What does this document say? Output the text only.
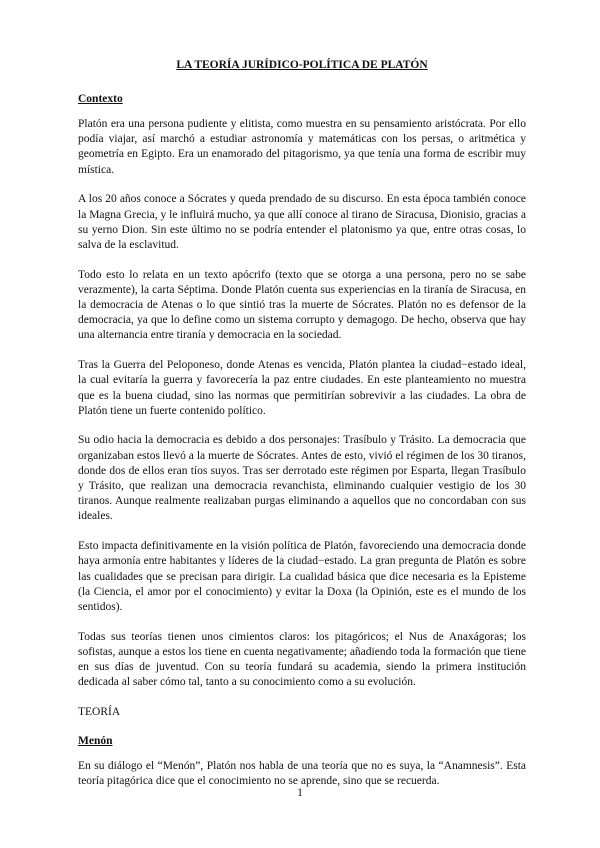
LA TEORÍA JURÍDICO-POLÍTICA DE PLATÓN
Contexto

Platón era una persona pudiente y elitista, como muestra en su pensamiento aristócrata. Por ello podía viajar, así marchó a estudiar astronomía y matemáticas con los persas, o aritmética y geometría en Egipto. Era un enamorado del pitagorismo, ya que tenía una forma de escribir muy mística.

A los 20 años conoce a Sócrates y queda prendado de su discurso. En esta época también conoce la Magna Grecia, y le influirá mucho, ya que allí conoce al tirano de Siracusa, Dionisio, gracias a su yerno Dion. Sin este último no se podría entender el platonismo ya que, entre otras cosas, lo salva de la esclavitud.

Todo esto lo relata en un texto apócrifo (texto que se otorga a una persona, pero no se sabe verazmente), la carta Séptima. Donde Platón cuenta sus experiencias en la tiranía de Siracusa, en la democracia de Atenas o lo que sintió tras la muerte de Sócrates. Platón no es defensor de la democracia, ya que lo define como un sistema corrupto y demagogo. De hecho, observa que hay una alternancia entre tiranía y democracia en la sociedad.

Tras la Guerra del Peloponeso, donde Atenas es vencida, Platón plantea la ciudad−estado ideal, la cual evitaría la guerra y favorecería la paz entre ciudades. En este planteamiento no muestra que es la buena ciudad, sino las normas que permitirían sobrevivir a las ciudades. La obra de Platón tiene un fuerte contenido político.

Su odio hacia la democracia es debido a dos personajes: Trasíbulo y Trásito. La democracia que organizaban estos llevó a la muerte de Sócrates. Antes de esto, vivió el régimen de los 30 tiranos, donde dos de ellos eran tíos suyos. Tras ser derrotado este régimen por Esparta, llegan Trasíbulo y Trásito, que realizan una democracia revanchista, eliminando cualquier vestigio de los 30 tiranos. Aunque realmente realizaban purgas eliminando a aquellos que no concordaban con sus ideales.

Esto impacta definitivamente en la visión política de Platón, favoreciendo una democracia donde haya armonía entre habitantes y líderes de la ciudad−estado. La gran pregunta de Platón es sobre las cualidades que se precisan para dirigir. La cualidad básica que dice necesaria es la Episteme (la Ciencia, el amor por el conocimiento) y evitar la Doxa (la Opinión, este es el mundo de los sentidos).

Todas sus teorías tienen unos cimientos claros: los pitagóricos; el Nus de Anaxágoras; los sofistas, aunque a estos los tiene en cuenta negativamente; añadiendo toda la formación que tiene en sus días de juventud. Con su teoría fundará su academia, siendo la primera institución dedicada al saber cómo tal, tanto a su conocimiento como a su evolución.

TEORÍA
Menón

En su diálogo el “Menón”, Platón nos habla de una teoría que no es suya, la “Anamnesis”. Esta teoría pitagórica dice que el conocimiento no se aprende, sino que se recuerda.

1
